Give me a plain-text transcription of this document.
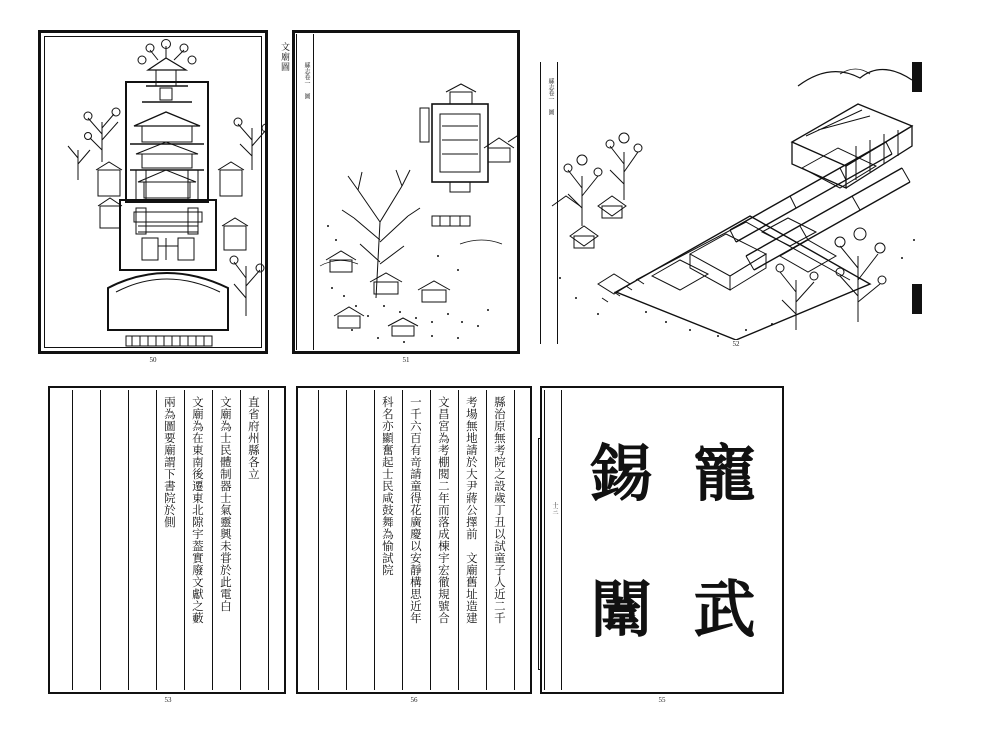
文廟圖
50
縣志卷一 圖
51
縣志卷一 圖
52
直省府州縣各立
文廟為士民體制器士氣靈興未甞於此電白
文廟為在東南後遷東北隙宇葢實廢文獻之藪
兩為圖要廟謂下書院於側
53
縣治原無考院之設歲丁丑以試童子人近二千
考場無地請於大尹蔣公擇前　文廟舊址造建
文昌宮為考棚閱二年而落成棟宇宏徹規號合
一千六百有竒請童得花廣慶以安靜構思近年
科名亦顯奮起士民咸鼓舞為愉試院
56
十三 寵
錫
武
闈
55
